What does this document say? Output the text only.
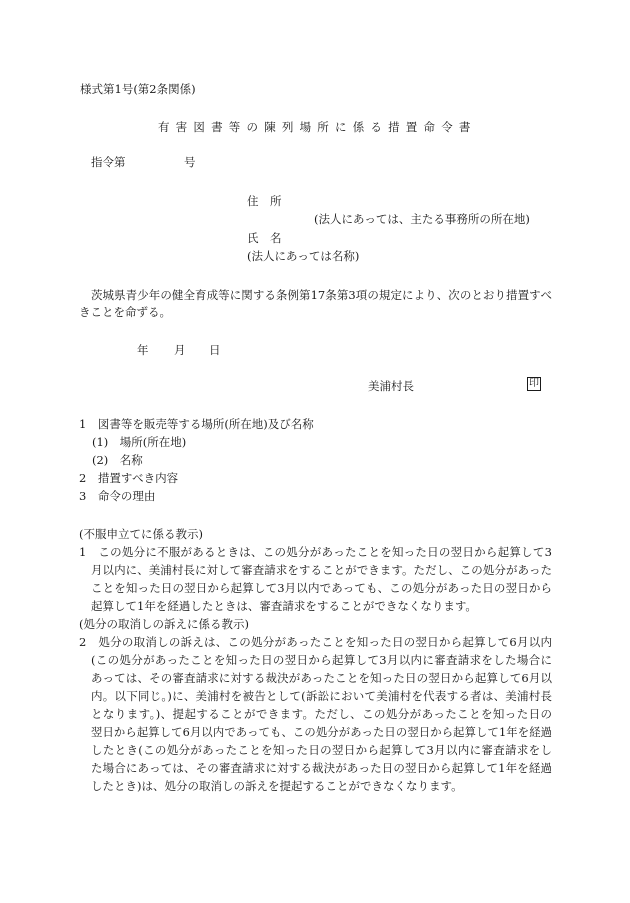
様式第1号(第2条関係)
有害図書等の陳列場所に係る措置命令書
指令第	号
住　所
(法人にあっては、主たる事務所の所在地)
氏　名
(法人にあっては名称)
茨城県青少年の健全育成等に関する条例第17条第3項の規定により、次のとおり措置すべ
きことを命ずる。
年 月 日
美浦村長	印
1　図書等を販売等する場所(所在地)及び名称
(1)　場所(所在地)
(2)　名称
2　措置すべき内容
3　命令の理由
(不服申立てに係る教示)
1　この処分に不服があるときは、この処分があったことを知った日の翌日から起算して3
月以内に、美浦村長に対して審査請求をすることができます。ただし、この処分があった
ことを知った日の翌日から起算して3月以内であっても、この処分があった日の翌日から
起算して1年を経過したときは、審査請求をすることができなくなります。
(処分の取消しの訴えに係る教示)
2　処分の取消しの訴えは、この処分があったことを知った日の翌日から起算して6月以内
(この処分があったことを知った日の翌日から起算して3月以内に審査請求をした場合に
あっては、その審査請求に対する裁決があったことを知った日の翌日から起算して6月以
内。以下同じ。)に、美浦村を被告として(訴訟において美浦村を代表する者は、美浦村長
となります。)、提起することができます。ただし、この処分があったことを知った日の
翌日から起算して6月以内であっても、この処分があった日の翌日から起算して1年を経過
したとき(この処分があったことを知った日の翌日から起算して3月以内に審査請求をし
た場合にあっては、その審査請求に対する裁決があった日の翌日から起算して1年を経過
したとき)は、処分の取消しの訴えを提起することができなくなります。
